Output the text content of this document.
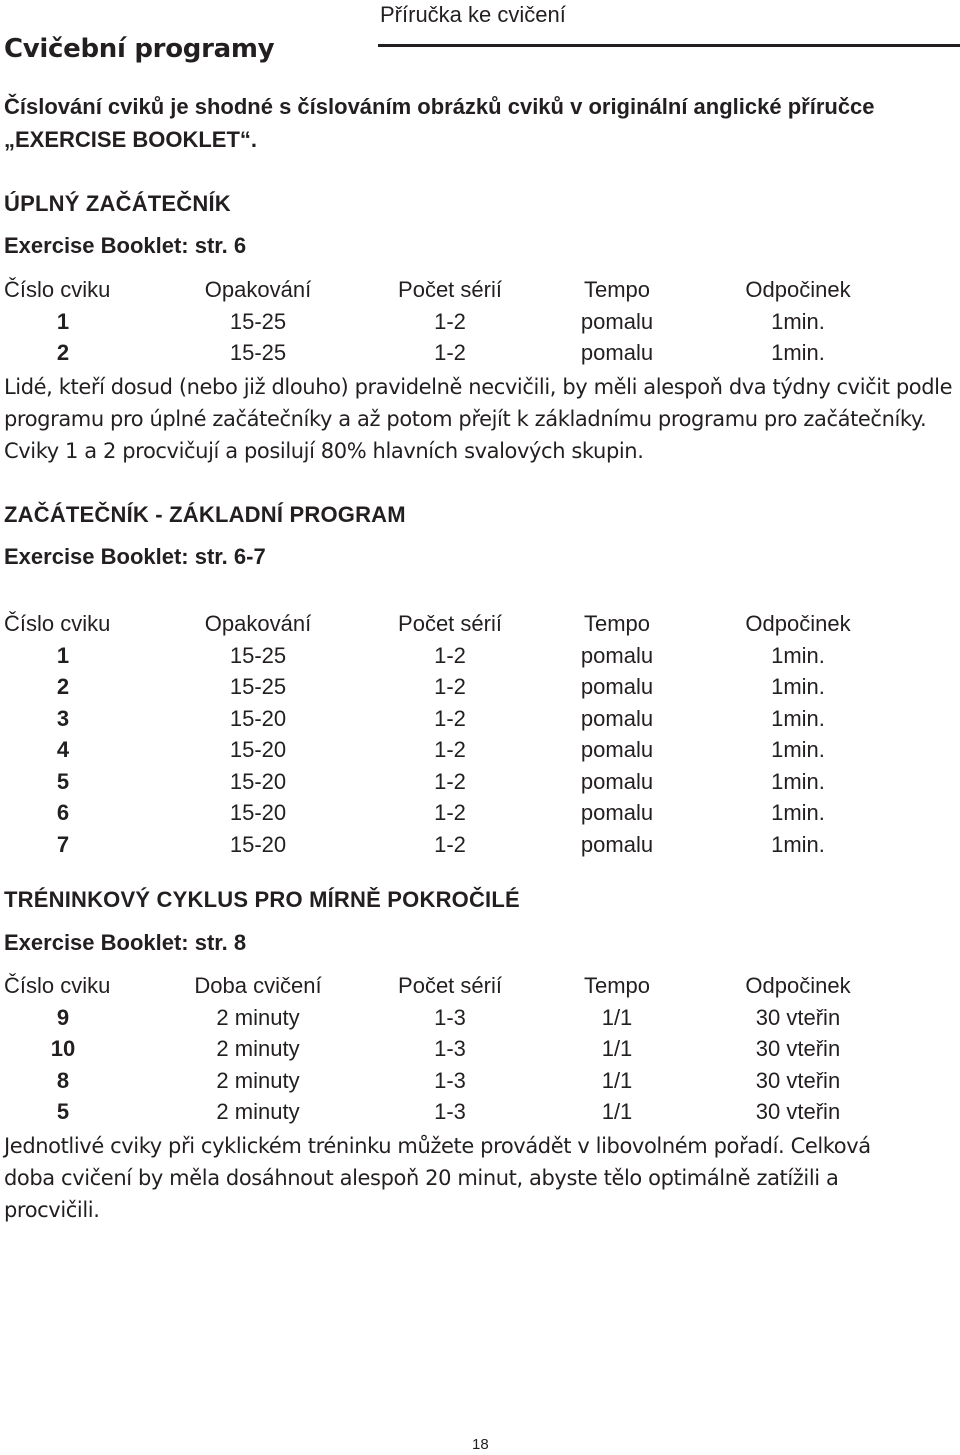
Příručka ke cvičení
Cvičební programy
Číslování cviků je shodné s číslováním obrázků cviků v originální anglické příručce „EXERCISE BOOKLET“.
ÚPLNÝ ZAČÁTEČNÍK
Exercise Booklet: str. 6
Číslo cviku	Opakování	Počet sérií	Tempo	Odpočinek
1	15-25	1-2	pomalu	1min.
2	15-25	1-2	pomalu	1min.
Lidé, kteří dosud (nebo již dlouho) pravidelně necvičili, by měli alespoň dva týdny cvičit podle programu pro úplné začátečníky a až potom přejít k základnímu programu pro začátečníky. Cviky 1 a 2 procvičují a posilují 80% hlavních svalových skupin.
ZAČÁTEČNÍK - ZÁKLADNÍ PROGRAM
Exercise Booklet: str. 6-7
Číslo cviku	Opakování	Počet sérií	Tempo	Odpočinek
1	15-25	1-2	pomalu	1min.
2	15-25	1-2	pomalu	1min.
3	15-20	1-2	pomalu	1min.
4	15-20	1-2	pomalu	1min.
5	15-20	1-2	pomalu	1min.
6	15-20	1-2	pomalu	1min.
7	15-20	1-2	pomalu	1min.
TRÉNINKOVÝ CYKLUS PRO MÍRNĚ POKROČILÉ
Exercise Booklet: str. 8
Číslo cviku	Doba cvičení	Počet sérií	Tempo	Odpočinek
9	2 minuty	1-3	1/1	30 vteřin
10	2 minuty	1-3	1/1	30 vteřin
8	2 minuty	1-3	1/1	30 vteřin
5	2 minuty	1-3	1/1	30 vteřin
Jednotlivé cviky při cyklickém tréninku můžete provádět v libovolném pořadí. Celková doba cvičení by měla dosáhnout alespoň 20 minut, abyste tělo optimálně zatížili a procvičili.
18
